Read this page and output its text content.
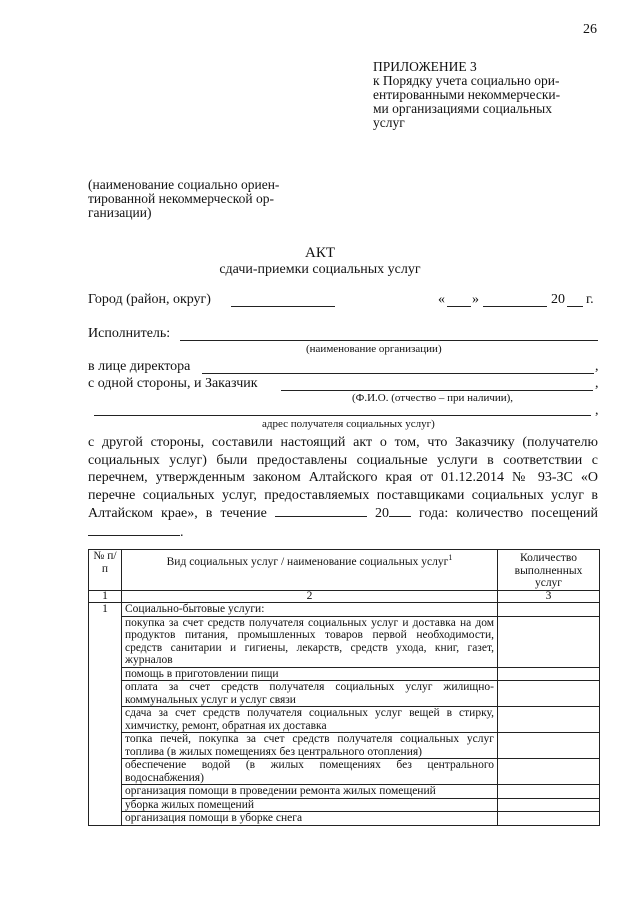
26
ПРИЛОЖЕНИЕ 3
к Порядку учета социально ори-
ентированными некоммерчески-
ми организациями социальных
услуг
(наименование социально ориен-
тированной некоммерческой ор-
ганизации)
АКТ
сдачи-приемки социальных услуг
Город (район, округ)	« »	20 г.
Исполнитель:
(наименование организации)
в лице директора	,
с одной стороны, и Заказчик	,
(Ф.И.О. (отчество – при наличии),
,
адрес получателя социальных услуг)
с другой стороны, составили настоящий акт о том, что Заказчику (получателю социальных услуг) были предоставлены социальные услуги в соответствии с перечнем, утвержденным законом Алтайского края от 01.12.2014 № 93-ЗС «О перечне социальных услуг, предоставляемых поставщиками социальных услуг в Алтайском крае», в течение	20 года: количество посещений .
№ п/п	Вид социальных услуг / наименование социальных услуг$^1$	Количество выполненных услуг
1	2	3
1	Социально-бытовые услуги:	
	покупка за счет средств получателя социальных услуг и доставка на дом продуктов питания, промышленных товаров первой необходимости, средств санитарии и гигиены, лекарств, средств ухода, книг, газет, журналов	
	помощь в приготовлении пищи	
	оплата за счет средств получателя социальных услуг жилищно-коммунальных услуг и услуг связи	
	сдача за счет средств получателя социальных услуг вещей в стирку, химчистку, ремонт, обратная их доставка	
	топка печей, покупка за счет средств получателя социальных услуг топлива (в жилых помещениях без центрального отопления)	
	обеспечение водой (в жилых помещениях без центрального водоснабжения)	
	организация помощи в проведении ремонта жилых помещений	
	уборка жилых помещений	
	организация помощи в уборке снега	
